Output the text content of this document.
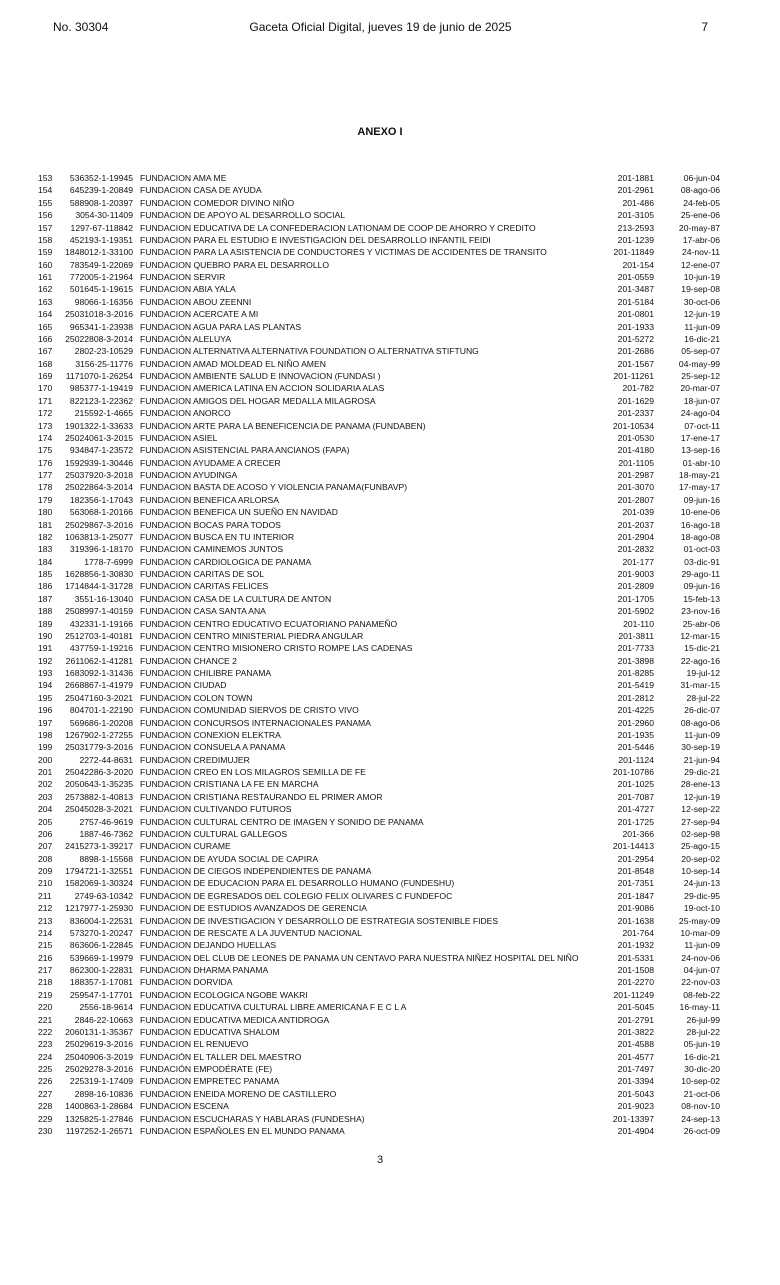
No. 30304	Gaceta Oficial Digital, jueves 19 de junio de 2025	7
ANEXO I
153	536352-1-19945 FUNDACION AMA ME	201-1881	06-jun-04
154	645239-1-20849 FUNDACION CASA DE AYUDA	201-2961	08-ago-06
155	588908-1-20397 FUNDACION COMEDOR DIVINO NIÑO	201-486	24-feb-05
156	3054-30-11409 FUNDACION DE APOYO AL DESARROLLO SOCIAL	201-3105	25-ene-06
157	1297-67-118842 FUNDACION EDUCATIVA DE LA CONFEDERACION LATIONAM DE COOP DE AHORRO Y CREDITO	213-2593	20-may-87
158	452193-1-19351 FUNDACION PARA EL ESTUDIO E INVESTIGACION DEL DESARROLLO INFANTIL FEIDI	201-1239	17-abr-06
159	1848012-1-33100 FUNDACION PARA LA ASISTENCIA DE CONDUCTORES Y VICTIMAS DE ACCIDENTES DE TRANSITO	201-11849	24-nov-11
160	783549-1-22069 FUNDACION QUEBRO PARA EL DESARROLLO	201-154	12-ene-07
161	772005-1-21964 FUNDACION SERVIR	201-0559	10-jun-19
162	501645-1-19615 FUNDACION ABIA YALA	201-3487	19-sep-08
163	98066-1-16356 FUNDACION ABOU ZEENNI	201-5184	30-oct-06
164	25031018-3-2016 FUNDACION ACERCATE A MI	201-0801	12-jun-19
165	965341-1-23938 FUNDACION AGUA PARA LAS PLANTAS	201-1933	11-jun-09
166	25022808-3-2014 FUNDACIÓN ALELUYA	201-5272	16-dic-21
167	2802-23-10529 FUNDACION ALTERNATIVA ALTERNATIVA FOUNDATION O ALTERNATIVA STIFTUNG	201-2686	05-sep-07
168	3156-25-11776 FUNDACION AMAD MOLDEAD EL NIÑO AMEN	201-1567	04-may-99
169	1171070-1-26254 FUNDACION AMBIENTE SALUD E INNOVACION (FUNDASI )	201-11261	25-sep-12
170	985377-1-19419 FUNDACION AMERICA LATINA EN ACCION SOLIDARIA ALAS	201-782	20-mar-07
171	822123-1-22362 FUNDACION AMIGOS DEL HOGAR MEDALLA MILAGROSA	201-1629	18-jun-07
172	215592-1-4665 FUNDACION ANORCO	201-2337	24-ago-04
173	1901322-1-33633 FUNDACION ARTE PARA LA BENEFICENCIA DE PANAMA (FUNDABEN)	201-10534	07-oct-11
174	25024061-3-2015 FUNDACION ASIEL	201-0530	17-ene-17
175	934847-1-23572 FUNDACION ASISTENCIAL PARA ANCIANOS (FAPA)	201-4180	13-sep-16
176	1592939-1-30446 FUNDACION AYUDAME A CRECER	201-1105	01-abr-10
177	25037920-3-2018 FUNDACION AYUDINGA	201-2987	18-may-21
178	25022864-3-2014 FUNDACION BASTA DE ACOSO Y VIOLENCIA PANAMA(FUNBAVP)	201-3070	17-may-17
179	182356-1-17043 FUNDACION BENEFICA ARLORSA	201-2807	09-jun-16
180	563068-1-20166 FUNDACION BENEFICA UN SUEÑO EN NAVIDAD	201-039	10-ene-06
181	25029867-3-2016 FUNDACION BOCAS PARA TODOS	201-2037	16-ago-18
182	1063813-1-25077 FUNDACION BUSCA EN TU INTERIOR	201-2904	18-ago-08
183	319396-1-18170 FUNDACION CAMINEMOS JUNTOS	201-2832	01-oct-03
184	1778-7-6999 FUNDACION CARDIOLOGICA DE PANAMA	201-177	03-dic-91
185	1628856-1-30830 FUNDACION CARITAS DE SOL	201-9003	29-ago-11
186	1714844-1-31728 FUNDACION CARITAS FELICES	201-2809	09-jun-16
187	3551-16-13040 FUNDACION CASA DE LA CULTURA DE ANTON	201-1705	15-feb-13
188	2508997-1-40159 FUNDACION CASA SANTA ANA	201-5902	23-nov-16
189	432331-1-19166 FUNDACION CENTRO EDUCATIVO ECUATORIANO PANAMEÑO	201-110	25-abr-06
190	2512703-1-40181 FUNDACION CENTRO MINISTERIAL PIEDRA ANGULAR	201-3811	12-mar-15
191	437759-1-19216 FUNDACION CENTRO MISIONERO CRISTO ROMPE LAS CADENAS	201-7733	15-dic-21
192	2611062-1-41281 FUNDACION CHANCE 2	201-3898	22-ago-16
193	1683092-1-31436 FUNDACION CHILIBRE PANAMA	201-8285	19-jul-12
194	2668867-1-41979 FUNDACION CIUDAD	201-5419	31-mar-15
195	25047160-3-2021 FUNDACION COLON TOWN	201-2812	28-jul-22
196	804701-1-22190 FUNDACION COMUNIDAD SIERVOS DE CRISTO VIVO	201-4225	26-dic-07
197	569686-1-20208 FUNDACION CONCURSOS INTERNACIONALES PANAMA	201-2960	08-ago-06
198	1267902-1-27255 FUNDACION CONEXION ELEKTRA	201-1935	11-jun-09
199	25031779-3-2016 FUNDACION CONSUELA A PANAMA	201-5446	30-sep-19
200	2272-44-8631 FUNDACION CREDIMUJER	201-1124	21-jun-94
201	25042286-3-2020 FUNDACION CREO EN LOS MILAGROS SEMILLA DE FE	201-10786	29-dic-21
202	2050643-1-35235 FUNDACION CRISTIANA LA FE EN MARCHA	201-1025	28-ene-13
203	2573882-1-40813 FUNDACION CRISTIANA RESTAURANDO EL PRIMER AMOR	201-7087	12-jun-19
204	25045028-3-2021 FUNDACION CULTIVANDO FUTUROS	201-4727	12-sep-22
205	2757-46-9619 FUNDACION CULTURAL CENTRO DE IMAGEN Y SONIDO DE PANAMA	201-1725	27-sep-94
206	1887-46-7362 FUNDACION CULTURAL GALLEGOS	201-366	02-sep-98
207	2415273-1-39217 FUNDACION CURAME	201-14413	25-ago-15
208	8898-1-15568 FUNDACION DE AYUDA SOCIAL DE CAPIRA	201-2954	20-sep-02
209	1794721-1-32551 FUNDACION DE CIEGOS INDEPENDIENTES DE PANAMA	201-8548	10-sep-14
210	1582069-1-30324 FUNDACION DE EDUCACION PARA EL DESARROLLO HUMANO (FUNDESHU)	201-7351	24-jun-13
211	2749-63-10342 FUNDACION DE EGRESADOS DEL COLEGIO FELIX OLIVARES C FUNDEFOC	201-1847	29-dic-95
212	1217977-1-25930 FUNDACION DE ESTUDIOS AVANZADOS DE GERENCIA	201-9086	19-oct-10
213	836004-1-22531 FUNDACION DE INVESTIGACION Y DESARROLLO DE ESTRATEGIA SOSTENIBLE FIDES	201-1638	25-may-09
214	573270-1-20247 FUNDACION DE RESCATE A LA JUVENTUD NACIONAL	201-764	10-mar-09
215	863606-1-22845 FUNDACION DEJANDO HUELLAS	201-1932	11-jun-09
216	539669-1-19979 FUNDACION DEL CLUB DE LEONES DE PANAMA UN CENTAVO PARA NUESTRA NIÑEZ HOSPITAL DEL NIÑO	201-5331	24-nov-06
217	862300-1-22831 FUNDACION DHARMA PANAMA	201-1508	04-jun-07
218	188357-1-17081 FUNDACION DORVIDA	201-2270	22-nov-03
219	259547-1-17701 FUNDACION ECOLOGICA NGOBE WAKRI	201-11249	08-feb-22
220	2556-18-9614 FUNDACION EDUCATIVA CULTURAL LIBRE AMERICANA F E C L A	201-5045	16-may-11
221	2846-22-10663 FUNDACION EDUCATIVA MEDICA ANTIDROGA	201-2791	26-jul-99
222	2060131-1-35367 FUNDACION EDUCATIVA SHALOM	201-3822	28-jul-22
223	25029619-3-2016 FUNDACION EL RENUEVO	201-4588	05-jun-19
224	25040906-3-2019 FUNDACIÓN EL TALLER DEL MAESTRO	201-4577	16-dic-21
225	25029278-3-2016 FUNDACIÓN EMPODÉRATE (FE)	201-7497	30-dic-20
226	225319-1-17409 FUNDACION EMPRETEC PANAMA	201-3394	10-sep-02
227	2898-16-10836 FUNDACION ENEIDA MORENO DE CASTILLERO	201-5043	21-oct-06
228	1400863-1-28684 FUNDACION ESCENA	201-9023	08-nov-10
229	1325825-1-27846 FUNDACION ESCUCHARAS Y HABLARAS (FUNDESHA)	201-13397	24-sep-13
230	1197252-1-26571 FUNDACION ESPAÑOLES EN EL MUNDO PANAMA	201-4904	26-oct-09
3
